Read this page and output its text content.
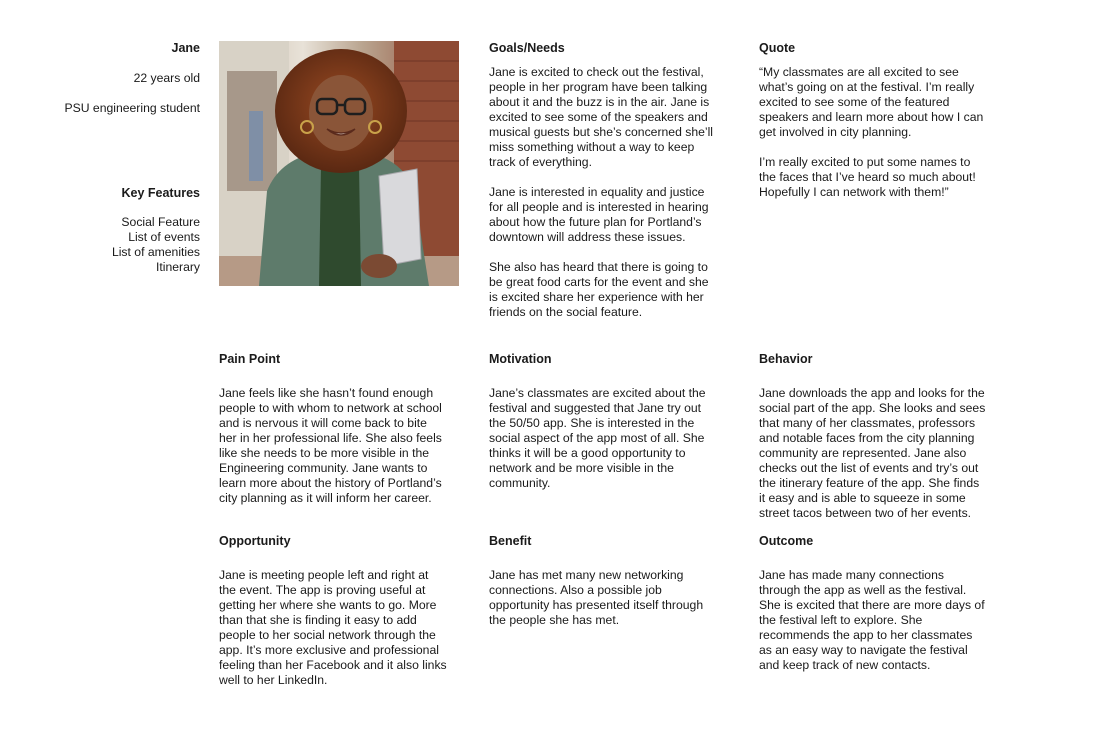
Jane
22 years old
PSU engineering student
Key Features
Social Feature
List of events
List of amenities
Itinerary
Goals/Needs

Jane is excited to check out the festival,
people in her program have been talking
about it and the buzz is in the air. Jane is
excited to see some of the speakers and
musical guests but she’s concerned she’ll
miss something without a way to keep
track of everything.

Jane is interested in equality and justice
for all people and is interested in hearing
about how the future plan for Portland’s
downtown will address these issues.

She also has heard that there is going to
be great food carts for the event and she
is excited share her experience with her
friends on the social feature.

Quote

“My classmates are all excited to see
what’s going on at the festival. I’m really
excited to see some of the featured
speakers and learn more about how I can
get involved in city planning.

I’m really excited to put some names to
the faces that I’ve heard so much about!
Hopefully I can network with them!”

Pain Point
Jane feels like she hasn’t found enough
people to with whom to network at school
and is nervous it will come back to bite
her in her professional life. She also feels
like she needs to be more visible in the
Engineering community. Jane wants to
learn more about the history of Portland’s
city planning as it will inform her career.
Motivation
Jane’s classmates are excited about the
festival and suggested that Jane try out
the 50/50 app. She is interested in the
social aspect of the app most of all. She
thinks it will be a good opportunity to
network and be more visible in the
community.
Behavior
Jane downloads the app and looks for the
social part of the app. She looks and sees
that many of her classmates, professors
and notable faces from the city planning
community are represented. Jane also
checks out the list of events and try’s out
the itinerary feature of the app. She finds
it easy and is able to squeeze in some
street tacos between two of her events.
Opportunity
Jane is meeting people left and right at
the event. The app is proving useful at
getting her where she wants to go. More
than that she is finding it easy to add
people to her social network through the
app. It’s more exclusive and professional
feeling than her Facebook and it also links
well to her LinkedIn.
Benefit
Jane has met many new networking
connections. Also a possible job
opportunity has presented itself through
the people she has met.
Outcome
Jane has made many connections
through the app as well as the festival.
She is excited that there are more days of
the festival left to explore. She
recommends the app to her classmates
as an easy way to navigate the festival
and keep track of new contacts.
